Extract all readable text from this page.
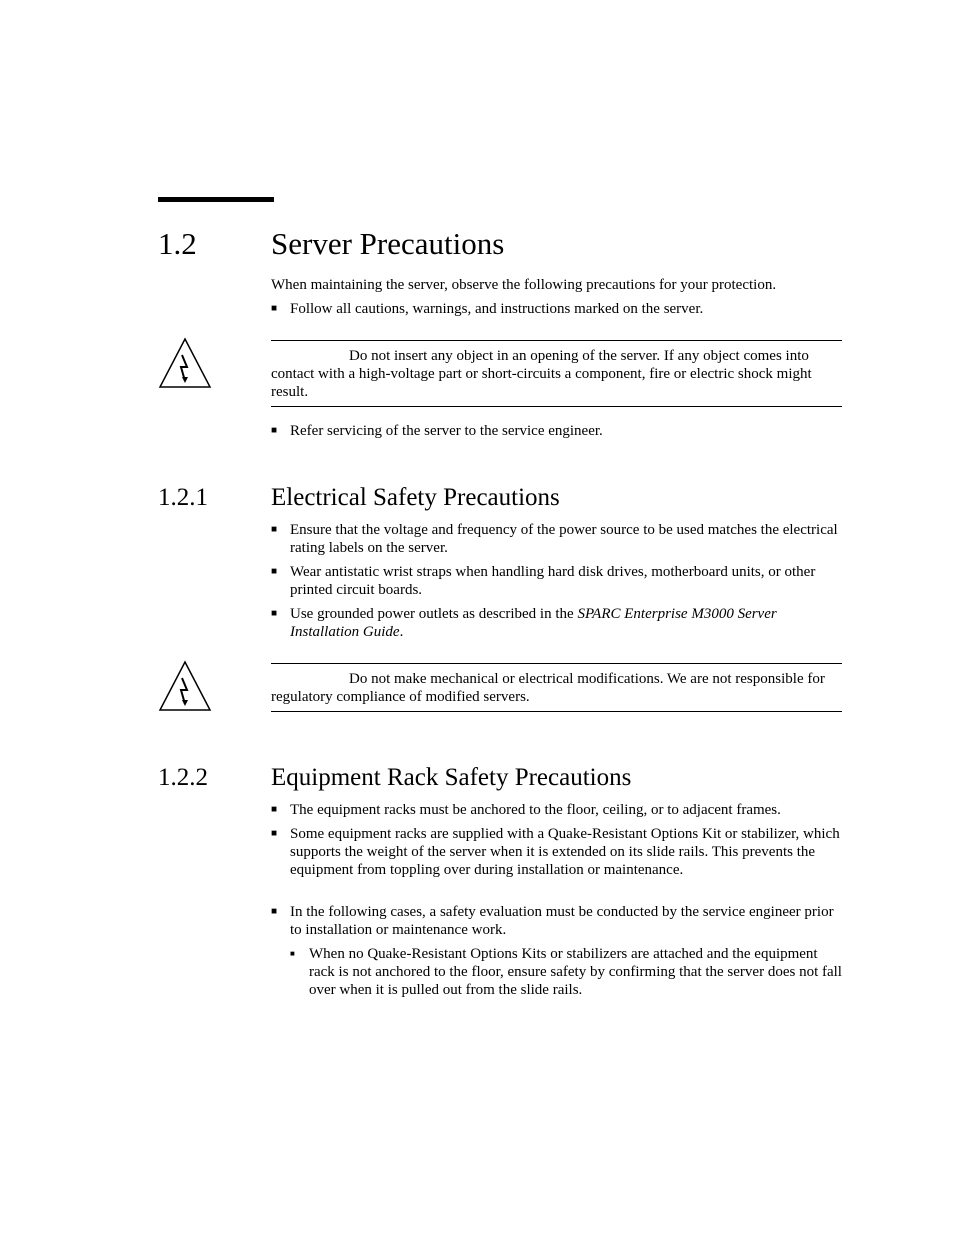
1.2 Server Precautions
When maintaining the server, observe the following precautions for your protection.
■ Follow all cautions, warnings, and instructions marked on the server.
Do not insert any object in an opening of the server. If any object comes into contact with a high-voltage part or short-circuits a component, fire or electric shock might result.
■ Refer servicing of the server to the service engineer.
1.2.1	Electrical Safety Precautions
■ Ensure that the voltage and frequency of the power source to be used matches the electrical rating labels on the server.
■ Wear antistatic wrist straps when handling hard disk drives, motherboard units, or other printed circuit boards.
■ Use grounded power outlets as described in the SPARC Enterprise M3000 Server Installation Guide.
Do not make mechanical or electrical modifications. We are not responsible for regulatory compliance of modified servers.
1.2.2	Equipment Rack Safety Precautions
■ The equipment racks must be anchored to the floor, ceiling, or to adjacent frames.
■ Some equipment racks are supplied with a Quake-Resistant Options Kit or stabilizer, which supports the weight of the server when it is extended on its slide rails. This prevents the equipment from toppling over during installation or maintenance.
■ In the following cases, a safety evaluation must be conducted by the service engineer prior to installation or maintenance work.
■ When no Quake-Resistant Options Kits or stabilizers are attached and the equipment rack is not anchored to the floor, ensure safety by confirming that the server does not fall over when it is pulled out from the slide rails.
